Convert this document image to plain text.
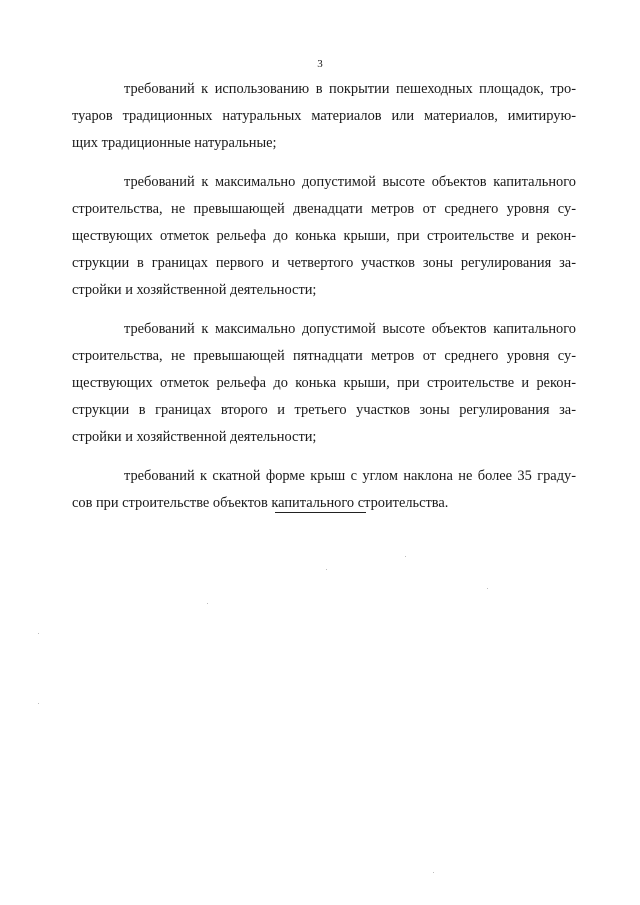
3
требований к использованию в покрытии пешеходных площадок, тро-
туаров традиционных натуральных материалов или материалов, имитирую-
щих традиционные натуральные;
требований к максимально допустимой высоте объектов капитального
строительства, не превышающей двенадцати метров от среднего уровня су-
ществующих отметок рельефа до конька крыши, при строительстве и рекон-
струкции в границах первого и четвертого участков зоны регулирования за-
стройки и хозяйственной деятельности;
требований к максимально допустимой высоте объектов капитального
строительства, не превышающей пятнадцати метров от среднего уровня су-
ществующих отметок рельефа до конька крыши, при строительстве и рекон-
струкции в границах второго и третьего участков зоны регулирования за-
стройки и хозяйственной деятельности;
требований к скатной форме крыш с углом наклона не более 35 граду-
сов при строительстве объектов капитального строительства.
